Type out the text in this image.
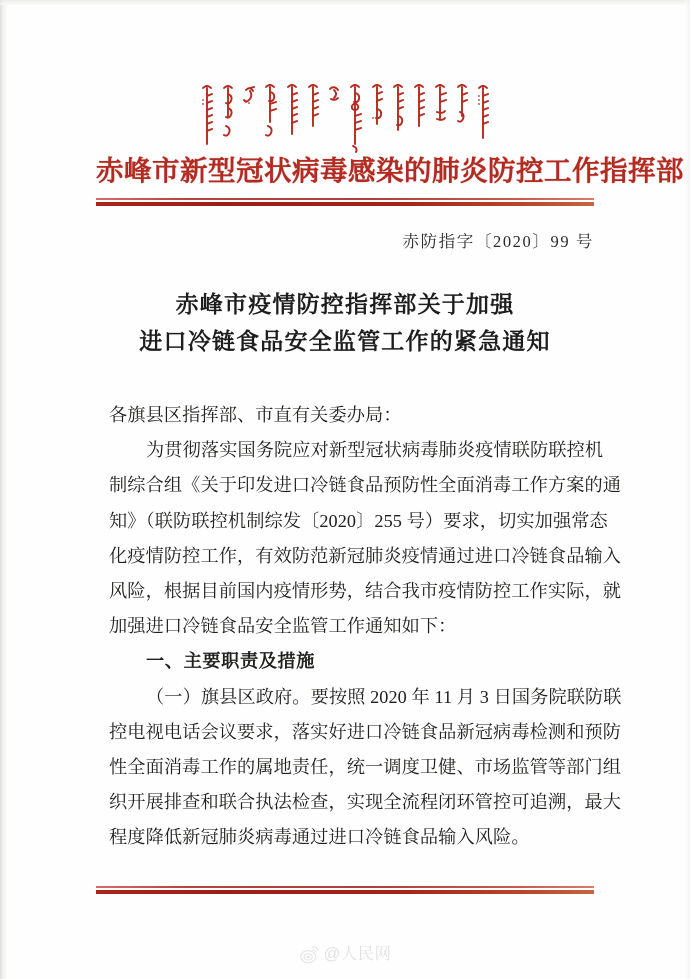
赤峰市新型冠状病毒感染的肺炎防控工作指挥部
赤防指字〔2020〕99 号
赤峰市疫情防控指挥部关于加强
进口冷链食品安全监管工作的紧急通知
各旗县区指挥部、市直有关委办局：
为贯彻落实国务院应对新型冠状病毒肺炎疫情联防联控机
制综合组《关于印发进口冷链食品预防性全面消毒工作方案的通
知》（联防联控机制综发〔2020〕255 号）要求，切实加强常态
化疫情防控工作，有效防范新冠肺炎疫情通过进口冷链食品输入
风险，根据目前国内疫情形势，结合我市疫情防控工作实际，就
加强进口冷链食品安全监管工作通知如下：
一、主要职责及措施
（一）旗县区政府。要按照 2020 年 11 月 3 日国务院联防联
控电视电话会议要求，落实好进口冷链食品新冠病毒检测和预防
性全面消毒工作的属地责任，统一调度卫健、市场监管等部门组
织开展排查和联合执法检查，实现全流程闭环管控可追溯，最大
程度降低新冠肺炎病毒通过进口冷链食品输入风险。
@人民网
